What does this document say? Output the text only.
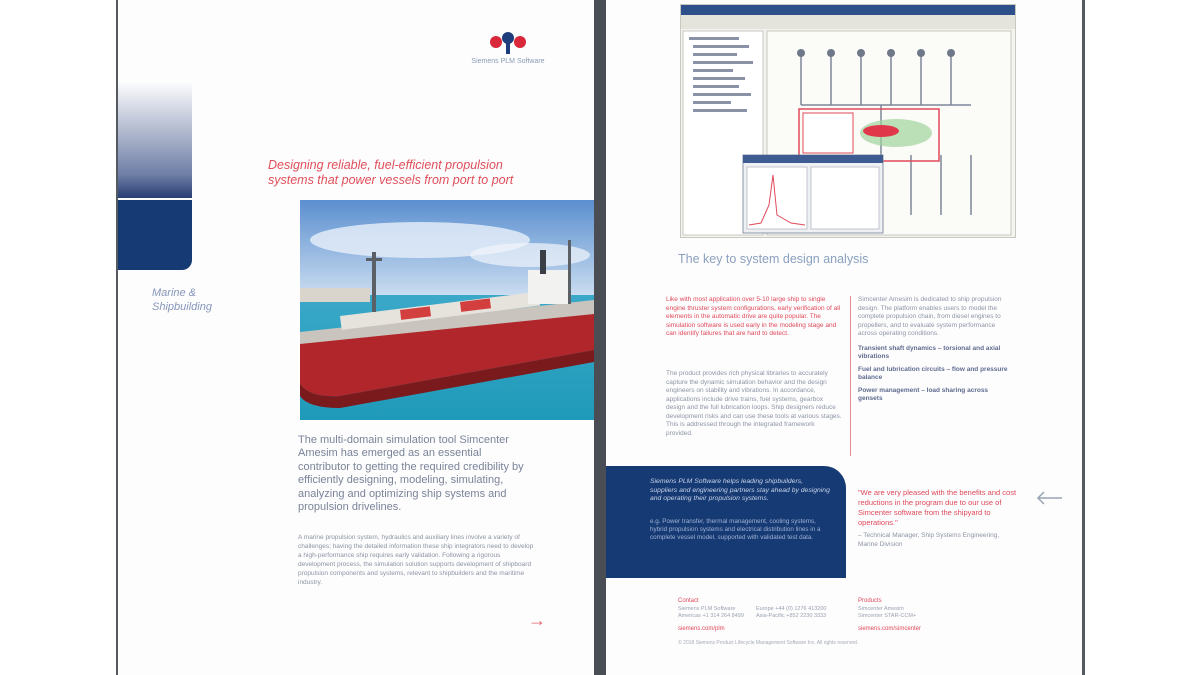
Siemens PLM Software
Marine & Shipbuilding
Designing reliable, fuel-efficient propulsion systems that power vessels from port to port
The multi-domain simulation tool Simcenter Amesim has emerged as an essential contributor to getting the required credibility by efficiently designing, modeling, simulating, analyzing and optimizing ship systems and propulsion drivelines.
A marine propulsion system, hydraulics and auxiliary lines involve a variety of challenges; having the detailed information these ship integrators need to develop a high-performance ship requires early validation. Following a rigorous development process, the simulation solution supports development of shipboard propulsion components and systems, relevant to shipbuilders and the maritime industry.
→
The key to system design analysis
Like with most application over 5-10 large ship to single engine thruster system configurations, early verification of all elements in the automatic drive are quite popular. The simulation software is used early in the modeling stage and can identify failures that are hard to detect.
The product provides rich physical libraries to accurately capture the dynamic simulation behavior and the design engineers on stability and vibrations. In accordance, applications include drive trains, fuel systems, gearbox design and the full lubrication loops. Ship designers reduce development risks and can use these tools at various stages. This is addressed through the integrated framework provided.
Simcenter Amesim is dedicated to ship propulsion design. The platform enables users to model the complete propulsion chain, from diesel engines to propellers, and to evaluate system performance across operating conditions.
Transient shaft dynamics – torsional and axial vibrations
Fuel and lubrication circuits – flow and pressure balance
Power management – load sharing across gensets
Siemens PLM Software helps leading shipbuilders, suppliers and engineering partners stay ahead by designing and operating their propulsion systems.
e.g. Power transfer, thermal management, cooling systems, hybrid propulsion systems and electrical distribution lines in a complete vessel model, supported with validated test data.
"We are very pleased with the benefits and cost reductions in the program due to our use of Simcenter software from the shipyard to operations."
– Technical Manager, Ship Systems Engineering, Marine Division
Contact
Siemens PLM Software
Americas +1 314 264 8499
Europe +44 (0) 1276 413200
Asia-Pacific +852 2230 3333
siemens.com/plm
Products
Simcenter Amesim
Simcenter STAR-CCM+
siemens.com/simcenter
© 2018 Siemens Product Lifecycle Management Software Inc. All rights reserved.
